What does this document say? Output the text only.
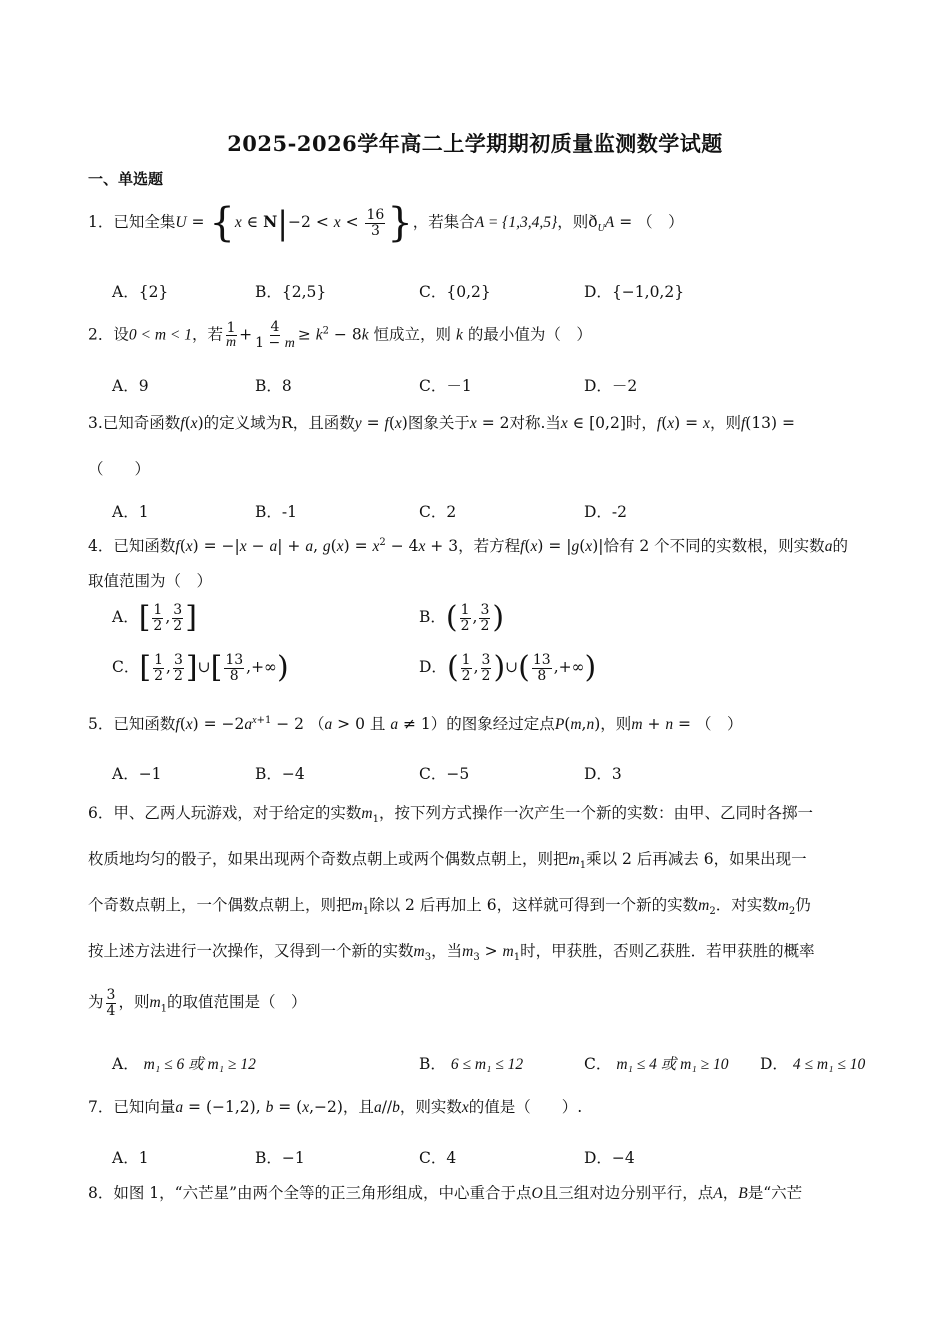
2025-2026学年高二上学期期初质量监测数学试题
一、单选题
1．已知全集U = {x ∈ $N|-2 < x < \frac{16}{3}$ }，若集合A = {1,3,4,5}，则$ð_UA$ = （　）
A．{2}	B．{2,5}	C．{0,2}	D．{−1,0,2}
2．设0 < m < 1，若 $\frac{1}{m} + \frac{4}{1 - m} \ge k^2 - 8k$ 恒成立，则 k 的最小值为（　）
A．9	B．8	C．－1	D．－2
3.已知奇函数f(x)的定义域为R，且函数y = f(x)图象关于x = 2对称.当x ∈ [0,2]时，f(x) = x，则f(13) =
（　　）
A．1	B．-1	C．2	D．-2
4．已知函数f(x) = −|x − a| + a, $g(x) = x^2 - 4x + 3$，若方程f(x) = |g(x)|恰有 2 个不同的实数根，则实数a的
取值范围为（　）
A．[ $\frac{1}{2}$ , $\frac{3}{2}$ ]	B．( $\frac{1}{2}$ , $\frac{3}{2}$ )
C．[ $\frac{1}{2}$ , $\frac{3}{2}$ ]∪[ $\frac{13}{8}$ ,+∞)	D．( $\frac{1}{2}$ , $\frac{3}{2}$ )∪( $\frac{13}{8}$ ,+∞)
5．已知函数$f(x) = -2a^{x+1} - 2$ （a > 0 且 a ≠ 1）的图象经过定点P(m,n)，则m + n = （　）
A．−1	B．−4	C．−5	D．3
6．甲、乙两人玩游戏，对于给定的实数$m_1$，按下列方式操作一次产生一个新的实数：由甲、乙同时各掷一
枚质地均匀的骰子，如果出现两个奇数点朝上或两个偶数点朝上，则把$m_1$乘以 2 后再减去 6，如果出现一
个奇数点朝上，一个偶数点朝上，则把$m_1$除以 2 后再加上 6，这样就可得到一个新的实数$m_2$．对实数$m_2$仍
按上述方法进行一次操作，又得到一个新的实数$m_3$，当$m_3 > m_1$时，甲获胜，否则乙获胜．若甲获胜的概率
为 $\frac{3}{4}$ ，则$m_1$的取值范围是（　）
A． m₁ ≤ 6 或 m₁ ≥ 12	B． 6 ≤ m₁ ≤ 12	C． m₁ ≤ 4 或 m₁ ≥ 10 D． 4 ≤ m₁ ≤ 10
7．已知向量a = (−1,2), b = (x,−2)，且a//b，则实数x的值是（　　）.
A．1	B．−1	C．4	D．−4
8．如图 1，“六芒星”由两个全等的正三角形组成，中心重合于点O且三组对边分别平行，点A，B是“六芒
